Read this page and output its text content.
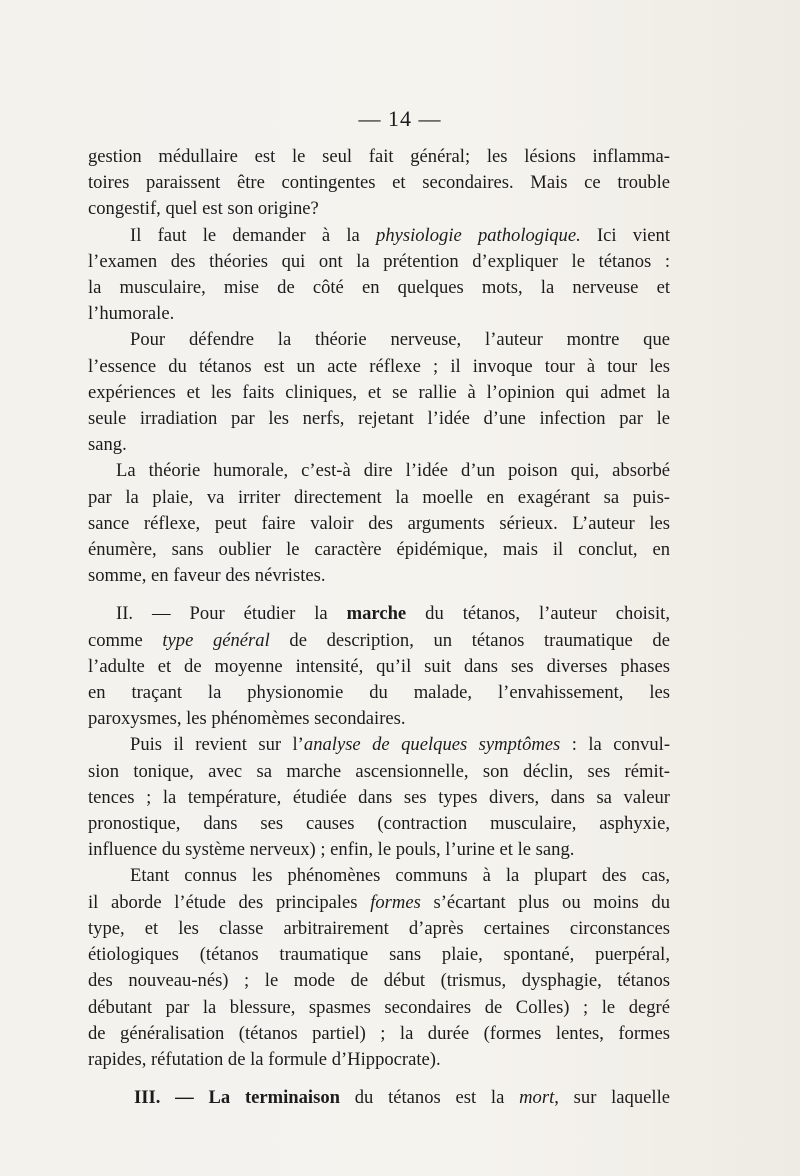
— 14 —

gestion médullaire est le seul fait général; les lésions inflamma-

toires paraissent être contingentes et secondaires. Mais ce trouble

congestif, quel est son origine?

Il faut le demander à la physiologie pathologique. Ici vient

l’examen des théories qui ont la prétention d’expliquer le tétanos :

la musculaire, mise de côté en quelques mots, la nerveuse et

l’humorale.

Pour défendre la théorie nerveuse, l’auteur montre que

l’essence du tétanos est un acte réflexe ; il invoque tour à tour les

expériences et les faits cliniques, et se rallie à l’opinion qui admet la

seule irradiation par les nerfs, rejetant l’idée d’une infection par le

sang.

La théorie humorale, c’est-à dire l’idée d’un poison qui, absorbé

par la plaie, va irriter directement la moelle en exagérant sa puis-

sance réflexe, peut faire valoir des arguments sérieux. L’auteur les

énumère, sans oublier le caractère épidémique, mais il conclut, en

somme, en faveur des névristes.

II. — Pour étudier la marche du tétanos, l’auteur choisit,

comme type général de description, un tétanos traumatique de

l’adulte et de moyenne intensité, qu’il suit dans ses diverses phases

en traçant la physionomie du malade, l’envahissement, les

paroxysmes, les phénomèmes secondaires.

Puis il revient sur l’analyse de quelques symptômes : la convul-

sion tonique, avec sa marche ascensionnelle, son déclin, ses rémit-

tences ; la température, étudiée dans ses types divers, dans sa valeur

pronostique, dans ses causes (contraction musculaire, asphyxie,

influence du système nerveux) ; enfin, le pouls, l’urine et le sang.

Etant connus les phénomènes communs à la plupart des cas,

il aborde l’étude des principales formes s’écartant plus ou moins du

type, et les classe arbitrairement d’après certaines circonstances

étiologiques (tétanos traumatique sans plaie, spontané, puerpéral,

des nouveau-nés) ; le mode de début (trismus, dysphagie, tétanos

débutant par la blessure, spasmes secondaires de Colles) ; le degré

de généralisation (tétanos partiel) ; la durée (formes lentes, formes

rapides, réfutation de la formule d’Hippocrate).

III. — La terminaison du tétanos est la mort, sur laquelle
